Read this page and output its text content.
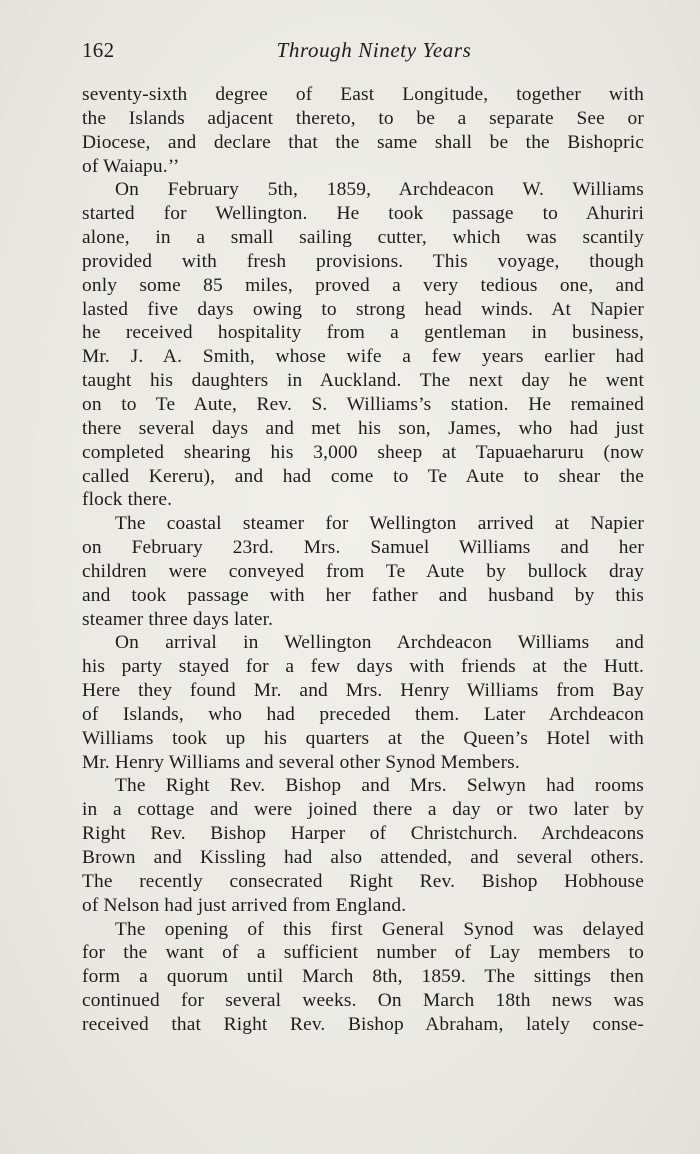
162	Through Ninety Years
seventy-sixth degree of East Longitude, together with
the Islands adjacent thereto, to be a separate See or
Diocese, and declare that the same shall be the Bishopric
of Waiapu.’’
On February 5th, 1859, Archdeacon W. Williams
started for Wellington. He took passage to Ahuriri
alone, in a small sailing cutter, which was scantily
provided with fresh provisions. This voyage, though
only some 85 miles, proved a very tedious one, and
lasted five days owing to strong head winds. At Napier
he received hospitality from a gentleman in business,
Mr. J. A. Smith, whose wife a few years earlier had
taught his daughters in Auckland. The next day he went
on to Te Aute, Rev. S. Williams’s station. He remained
there several days and met his son, James, who had just
completed shearing his 3,000 sheep at Tapuaeharuru (now
called Kereru), and had come to Te Aute to shear the
flock there.
The coastal steamer for Wellington arrived at Napier
on February 23rd. Mrs. Samuel Williams and her
children were conveyed from Te Aute by bullock dray
and took passage with her father and husband by this
steamer three days later.
On arrival in Wellington Archdeacon Williams and
his party stayed for a few days with friends at the Hutt.
Here they found Mr. and Mrs. Henry Williams from Bay
of Islands, who had preceded them. Later Archdeacon
Williams took up his quarters at the Queen’s Hotel with
Mr. Henry Williams and several other Synod Members.
The Right Rev. Bishop and Mrs. Selwyn had rooms
in a cottage and were joined there a day or two later by
Right Rev. Bishop Harper of Christchurch. Archdeacons
Brown and Kissling had also attended, and several others.
The recently consecrated Right Rev. Bishop Hobhouse
of Nelson had just arrived from England.
The opening of this first General Synod was delayed
for the want of a sufficient number of Lay members to
form a quorum until March 8th, 1859. The sittings then
continued for several weeks. On March 18th news was
received that Right Rev. Bishop Abraham, lately conse-
